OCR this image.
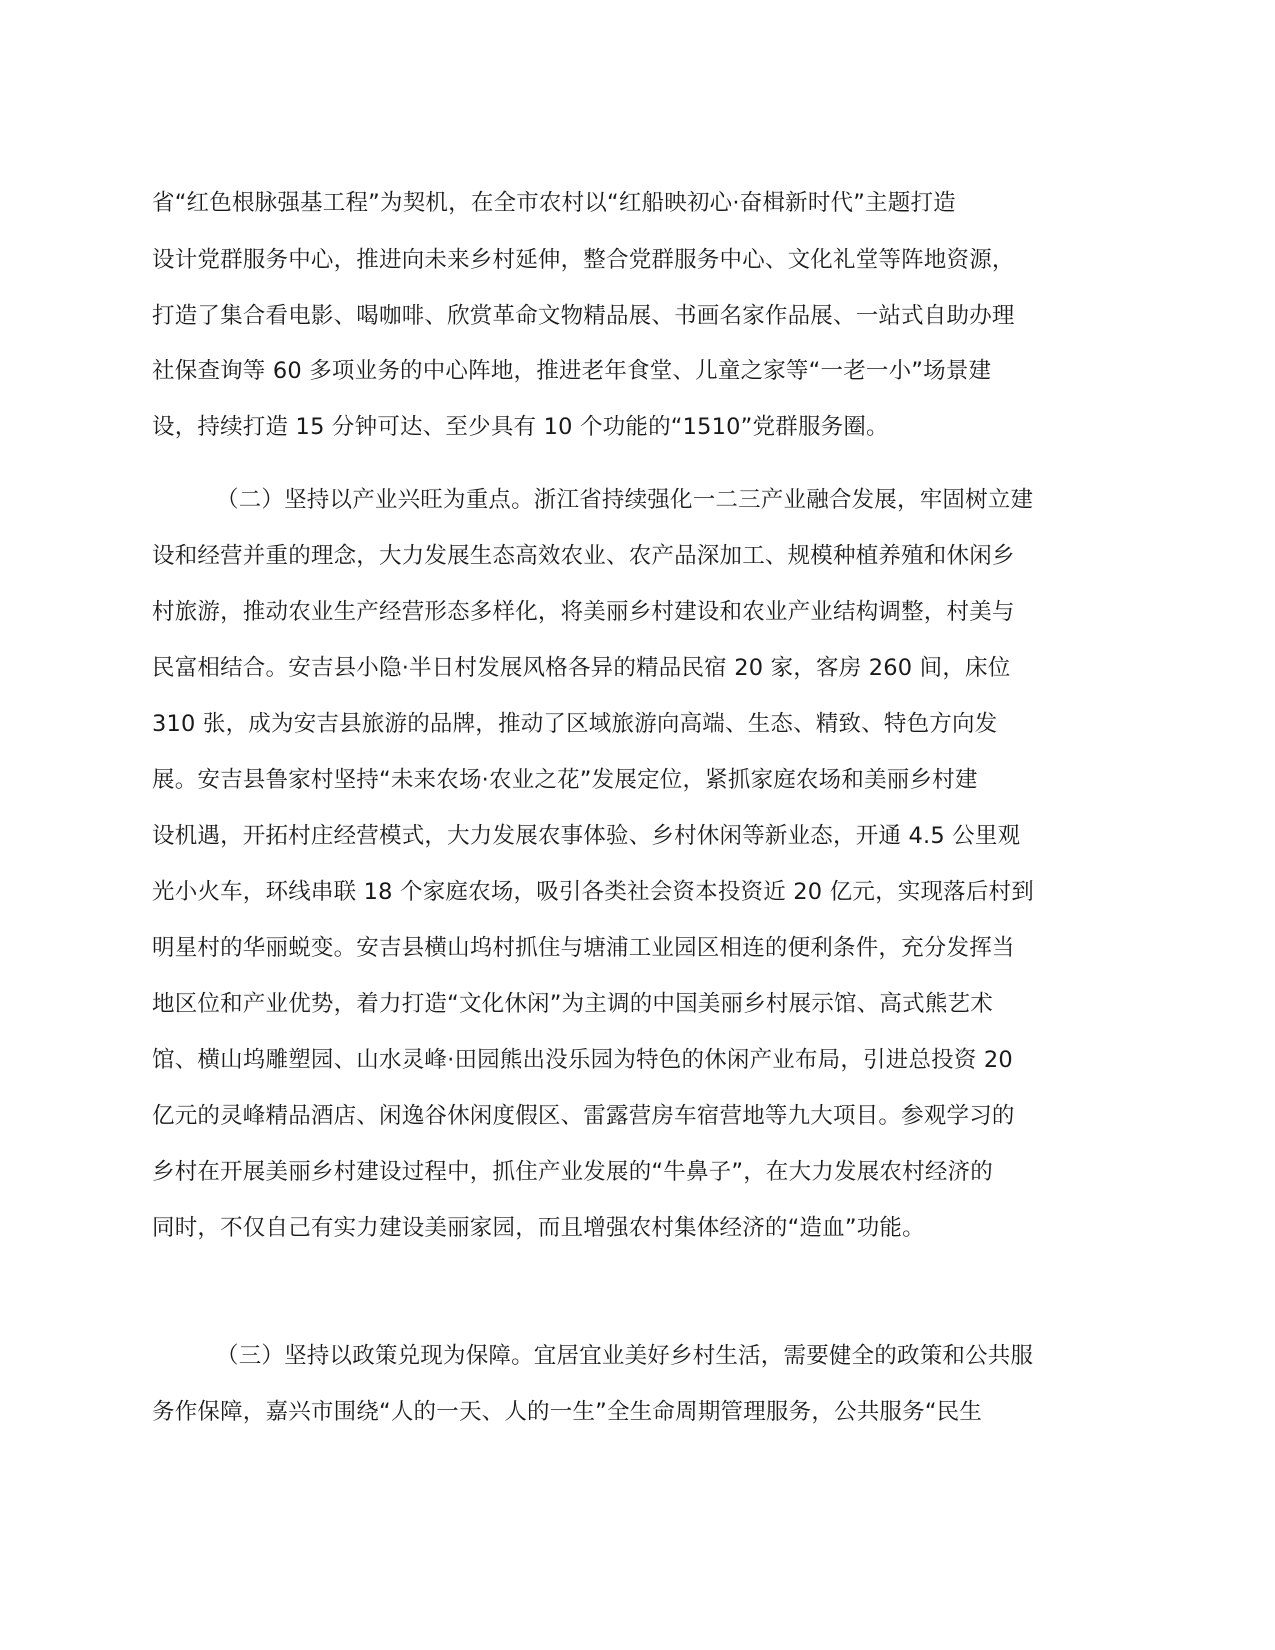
省“红色根脉强基工程”为契机，在全市农村以“红船映初心·奋楫新时代”主题打造
设计党群服务中心，推进向未来乡村延伸，整合党群服务中心、文化礼堂等阵地资源，
打造了集合看电影、喝咖啡、欣赏革命文物精品展、书画名家作品展、一站式自助办理
社保查询等 60 多项业务的中心阵地，推进老年食堂、儿童之家等“一老一小”场景建
设，持续打造 15 分钟可达、至少具有 10 个功能的“1510”党群服务圈。
（二）坚持以产业兴旺为重点。浙江省持续强化一二三产业融合发展，牢固树立建
设和经营并重的理念，大力发展生态高效农业、农产品深加工、规模种植养殖和休闲乡
村旅游，推动农业生产经营形态多样化，将美丽乡村建设和农业产业结构调整，村美与
民富相结合。安吉县小隐·半日村发展风格各异的精品民宿 20 家，客房 260 间，床位
310 张，成为安吉县旅游的品牌，推动了区域旅游向高端、生态、精致、特色方向发
展。安吉县鲁家村坚持“未来农场·农业之花”发展定位，紧抓家庭农场和美丽乡村建
设机遇，开拓村庄经营模式，大力发展农事体验、乡村休闲等新业态，开通 4.5 公里观
光小火车，环线串联 18 个家庭农场，吸引各类社会资本投资近 20 亿元，实现落后村到
明星村的华丽蜕变。安吉县横山坞村抓住与塘浦工业园区相连的便利条件，充分发挥当
地区位和产业优势，着力打造“文化休闲”为主调的中国美丽乡村展示馆、高式熊艺术
馆、横山坞雕塑园、山水灵峰·田园熊出没乐园为特色的休闲产业布局，引进总投资 20
亿元的灵峰精品酒店、闲逸谷休闲度假区、雷露营房车宿营地等九大项目。参观学习的
乡村在开展美丽乡村建设过程中，抓住产业发展的“牛鼻子”，在大力发展农村经济的
同时，不仅自己有实力建设美丽家园，而且增强农村集体经济的“造血”功能。
（三）坚持以政策兑现为保障。宜居宜业美好乡村生活，需要健全的政策和公共服
务作保障，嘉兴市围绕“人的一天、人的一生”全生命周期管理服务，公共服务“民生
